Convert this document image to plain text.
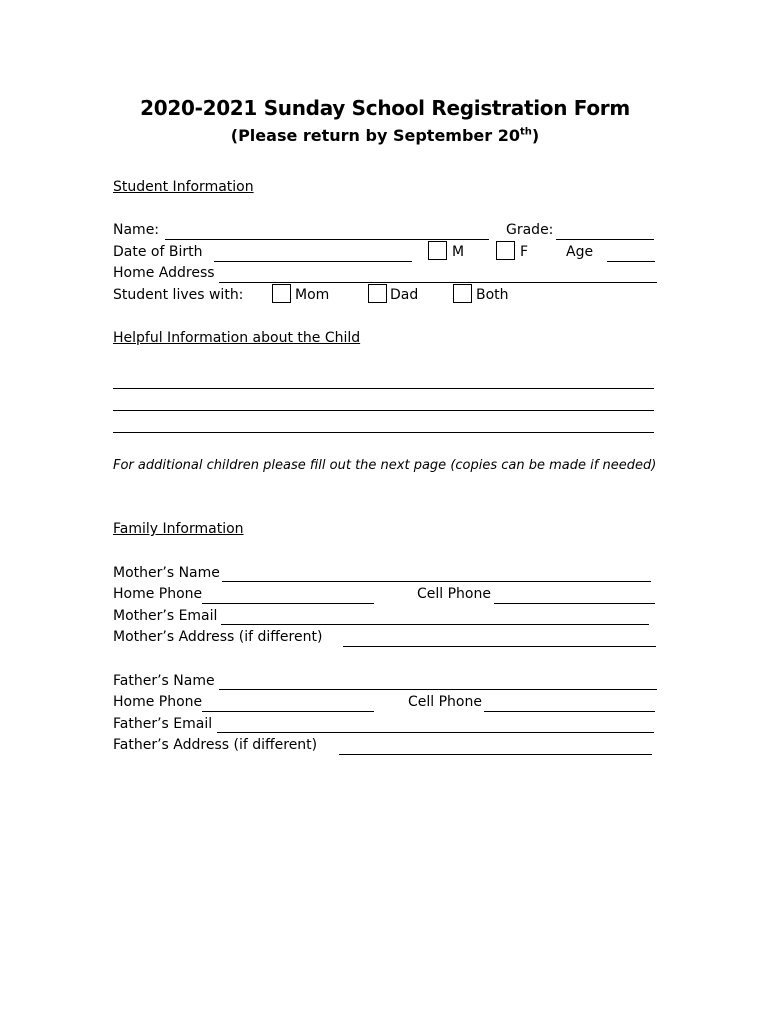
2020-2021 Sunday School Registration Form
(Please return by September 20th)
Student Information
Name:	Grade:
Date of Birth	M	F	Age
Home Address
Student lives with:	Mom	Dad	Both
Helpful Information about the Child
For additional children please fill out the next page (copies can be made if needed)
Family Information
Mother’s Name
Home Phone	Cell Phone
Mother’s Email
Mother’s Address (if different)
Father’s Name
Home Phone	Cell Phone
Father’s Email
Father’s Address (if different)
